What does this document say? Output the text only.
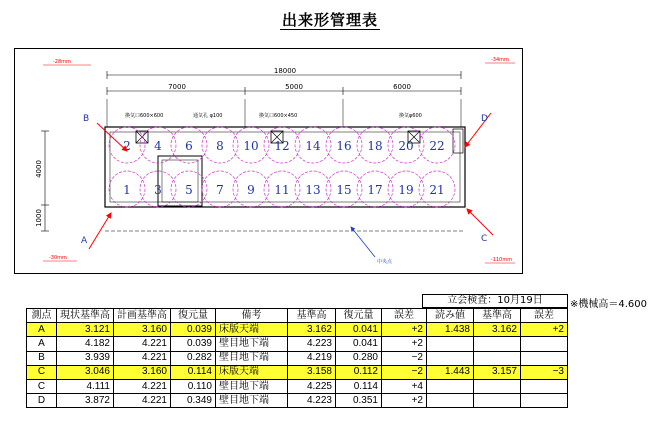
出来形管理表
18000
7000	5000	6000
4000
1000
換気口600×600	通気孔 φ100	換気口600×450	換気φ600
2
1
4
3
6
5
8
7
10
9
12
11
14
13
16
15
18
17
20
19
22
21
B
A	C
D
-28mm
-30mm	-110mm
-34mm
中央点
立会検査：10月19日	※機械高＝4.600
測点	現状基準高	計画基準高	復元量	備考	基準高	復元量	誤差	読み値	基準高	誤差
A	3.121	3.160	0.039	床版天端	3.162	0.041	+2	1.438	3.162	+2
A	4.182	4.221	0.039	壁目地下端	4.223	0.041	+2			
B	3.939	4.221	0.282	壁目地下端	4.219	0.280	−2			
C	3.046	3.160	0.114	床版天端	3.158	0.112	−2	1.443	3.157	−3
C	4.111	4.221	0.110	壁目地下端	4.225	0.114	+4			
D	3.872	4.221	0.349	壁目地下端	4.223	0.351	+2			
